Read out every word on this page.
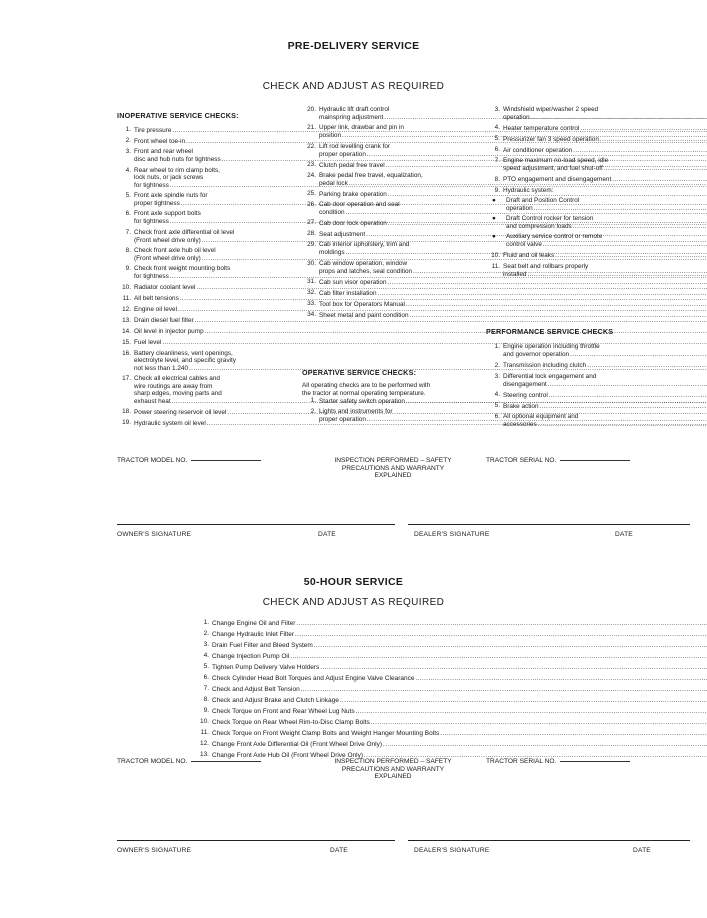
PRE-DELIVERY SERVICE
CHECK AND ADJUST AS REQUIRED
INOPERATIVE SERVICE CHECKS:
1. Tire pressure
.....
2. Front wheel toe-in
.....
3. Front and rear wheel
disc and hub nuts for tightness
.....
4. Rear wheel to rim clamp bolts,
lock nuts, or jack screws
for tightness
.....
5. Front axle spindle nuts for
proper tightness
.....
6. Front axle support bolts
for tightness
.....
7. Check front axle differential oil level
(Front wheel drive only)
.....
8. Check front axle hub oil level
(Front wheel drive only)
.....
9. Check front weight mounting bolts
for tightness
.....
10. Radiator coolant level
.....
11. All belt tensions
.....
12. Engine oil level
.....
13. Drain diesel fuel filter
.....
14. Oil level in injector pump
.....
15. Fuel level
.....
16. Battery cleanliness, vent openings,
electrolyte level, and specific gravity
not less than 1.240
.....
17. Check all electrical cables and
wire routings are away from
sharp edges, moving parts and
exhaust heat
.....
18. Power steering reservoir oil level
.....
19. Hydraulic system oil level
.....
20. Hydraulic lift draft control
mainspring adjustment
.....
21. Upper link, drawbar and pin in
position
.....
22. Lift rod levelling crank for
proper operation
.....
23. Clutch pedal free travel
.....
24. Brake pedal free travel, equalization,
pedal lock
.....
25. Parking brake operation
.....
26. Cab door operation and seal
condition
.....
27. Cab door lock operation
.....
28. Seat adjustment
.....
29. Cab interior upholstery, trim and
moldings
.....
30. Cab window operation, window
props and latches, seal condition
.....
31. Cab sun visor operation
.....
32. Cab filter installation
.....
33. Tool box for Operators Manual
.....
34. Sheet metal and paint condition
.....
OPERATIVE SERVICE CHECKS:
All operating checks are to be performed with
the tractor at normal operating temperature.
1. Starter safety switch operation
.....
2. Lights and instruments for
proper operation
.....
3. Windshield wiper/washer 2 speed
operation
.....
4. Heater temperature control
.....
5. Pressurizer fan 3 speed operation
.....
6. Air conditioner operation
.....
7. Engine maximum no-load speed, idle
speed adjustment, and fuel shut-off
.....
8. PTO engagement and disengagement
.....
9. Hydraulic system:
●	Draft and Position Control
operation
.....
●	Draft Control rocker for tension
and compression loads
.....
●	Auxiliary service control or remote
control valve
.....
10. Fluid and oil leaks
.....
11. Seat belt and rollbars properly
installed
.....
PERFORMANCE SERVICE CHECKS
1. Engine operation including throttle
and governor operation
.....
2. Transmission including clutch
.....
3. Differential lock engagement and
disengagement
.....
4. Steering control
.....
5. Brake action
.....
6. All optional equipment and
accessories
.....
TRACTOR MODEL NO.	INSPECTION PERFORMED – SAFETY
PRECAUTIONS AND WARRANTY
EXPLAINED
TRACTOR SERIAL NO.
OWNER'S SIGNATURE	DATE	DEALER'S SIGNATURE	DATE
50-HOUR SERVICE
CHECK AND ADJUST AS REQUIRED
1. Change Engine Oil and Filter
.....
2. Change Hydraulic Inlet Filter
.....
3. Drain Fuel Filter and Bleed System
.....
4. Change Injection Pump Oil
.....
5. Tighten Pump Delivery Valve Holders
.....
6. Check Cylinder Head Bolt Torques and Adjust Engine Valve Clearance
.....
7. Check and Adjust Belt Tension
.....
8. Check and Adjust Brake and Clutch Linkage
.....
9. Check Torque on Front and Rear Wheel Lug Nuts
.....
10. Check Torque on Rear Wheel Rim-to-Disc Clamp Bolts
.....
11. Check Torque on Front Weight Clamp Bolts and Weight Hanger Mounting Bolts
.....
12. Change Front Axle Differential Oil (Front Wheel Drive Only)
.....
13. Change Front Axle Hub Oil (Front Wheel Drive Only)
.....
TRACTOR MODEL NO.	INSPECTION PERFORMED – SAFETY
PRECAUTIONS AND WARRANTY
EXPLAINED
TRACTOR SERIAL NO.
OWNER'S SIGNATURE	DATE	DEALER'S SIGNATURE	DATE
